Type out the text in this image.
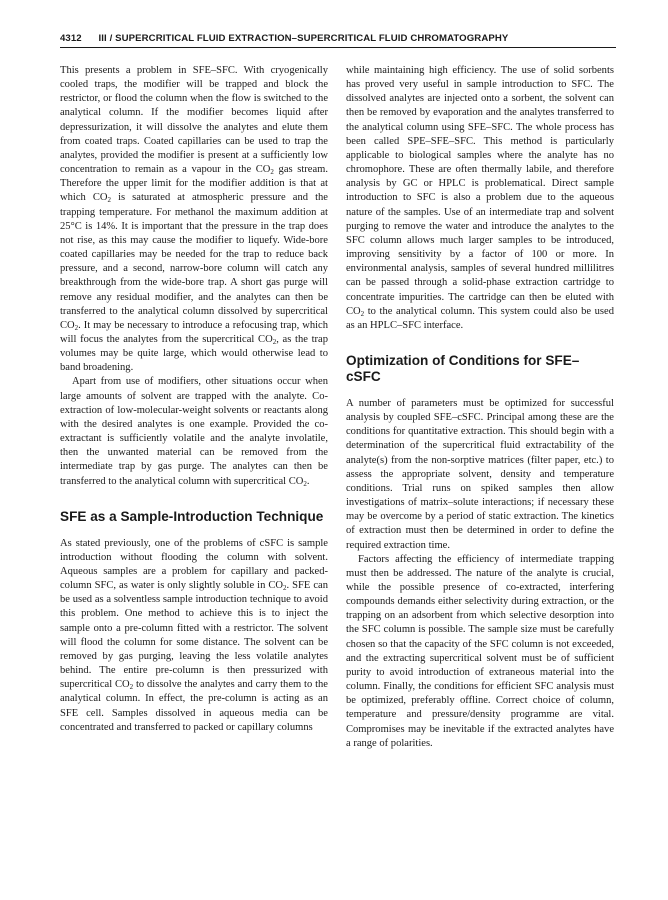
4312 III / SUPERCRITICAL FLUID EXTRACTION–SUPERCRITICAL FLUID CHROMATOGRAPHY

This presents a problem in SFE–SFC. With cryogenically cooled traps, the modifier will be trapped and block the restrictor, or flood the column when the flow is switched to the analytical column. If the modifier becomes liquid after depressurization, it will dissolve the analytes and elute them from coated traps. Coated capillaries can be used to trap the analytes, provided the modifier is present at a sufficiently low concentration to remain as a vapour in the $CO_2$ gas stream. Therefore the upper limit for the modifier addition is that at which $CO_2$ is saturated at atmospheric pressure and the trapping temperature. For methanol the maximum addition at 25°C is 14%. It is important that the pressure in the trap does not rise, as this may cause the modifier to liquefy. Wide-bore coated capillaries may be needed for the trap to reduce back pressure, and a second, narrow-bore column will catch any breakthrough from the wide-bore trap. A short gas purge will remove any residual modifier, and the analytes can then be transferred to the analytical column dissolved by supercritical $CO_2$. It may be necessary to introduce a refocusing trap, which will focus the analytes from the supercritical $CO_2$, as the trap volumes may be quite large, which would otherwise lead to band broadening.

Apart from use of modifiers, other situations occur when large amounts of solvent are trapped with the analyte. Co-extraction of low-molecular-weight solvents or reactants along with the desired analytes is one example. Provided the co-extractant is sufficiently volatile and the analyte involatile, then the unwanted material can be removed from the intermediate trap by gas purge. The analytes can then be transferred to the analytical column with supercritical $CO_2$.

SFE as a Sample-Introduction Technique

As stated previously, one of the problems of cSFC is sample introduction without flooding the column with solvent. Aqueous samples are a problem for capillary and packed-column SFC, as water is only slightly soluble in $CO_2$. SFE can be used as a solventless sample introduction technique to avoid this problem. One method to achieve this is to inject the sample onto a pre-column fitted with a restrictor. The solvent will flood the column for some distance. The solvent can be removed by gas purging, leaving the less volatile analytes behind. The entire pre-column is then pressurized with supercritical $CO_2$ to dissolve the analytes and carry them to the analytical column. In effect, the pre-column is acting as an SFE cell. Samples dissolved in aqueous media can be concentrated and transferred to packed or capillary columns

while maintaining high efficiency. The use of solid sorbents has proved very useful in sample introduction to SFC. The dissolved analytes are injected onto a sorbent, the solvent can then be removed by evaporation and the analytes transferred to the analytical column using SFE–SFC. The whole process has been called SPE–SFE–SFC. This method is particularly applicable to biological samples where the analyte has no chromophore. These are often thermally labile, and therefore analysis by GC or HPLC is problematical. Direct sample introduction to SFC is also a problem due to the aqueous nature of the samples. Use of an intermediate trap and solvent purging to remove the water and introduce the analytes to the SFC column allows much larger samples to be introduced, improving sensitivity by a factor of 100 or more. In environmental analysis, samples of several hundred millilitres can be passed through a solid-phase extraction cartridge to concentrate impurities. The cartridge can then be eluted with $CO_2$ to the analytical column. This system could also be used as an HPLC–SFC interface.

Optimization of Conditions for SFE–cSFC

A number of parameters must be optimized for successful analysis by coupled SFE–cSFC. Principal among these are the conditions for quantitative extraction. This should begin with a determination of the supercritical fluid extractability of the analyte(s) from the non-sorptive matrices (filter paper, etc.) to assess the appropriate solvent, density and temperature conditions. Trial runs on spiked samples then allow investigations of matrix–solute interactions; if necessary these may be overcome by a period of static extraction. The kinetics of extraction must then be determined in order to define the required extraction time.

Factors affecting the efficiency of intermediate trapping must then be addressed. The nature of the analyte is crucial, while the possible presence of co-extracted, interfering compounds demands either selectivity during extraction, or the trapping on an adsorbent from which selective desorption into the SFC column is possible. The sample size must be carefully chosen so that the capacity of the SFC column is not exceeded, and the extracting supercritical solvent must be of sufficient purity to avoid introduction of extraneous material into the column. Finally, the conditions for efficient SFC analysis must be optimized, preferably offline. Correct choice of column, temperature and pressure/density programme are vital. Compromises may be inevitable if the extracted analytes have a range of polarities.
